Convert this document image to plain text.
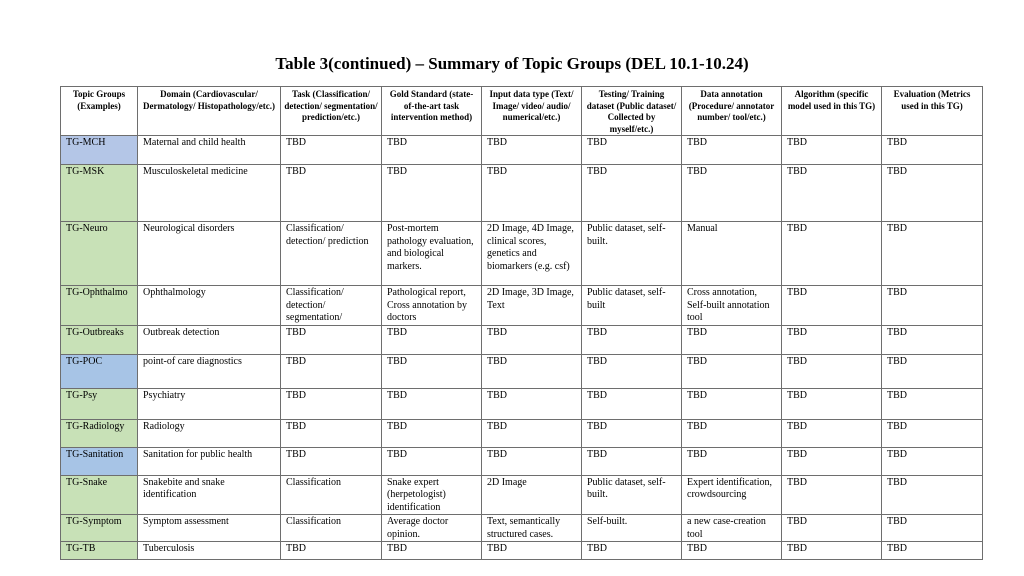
Table 3(continued) – Summary of Topic Groups (DEL 10.1-10.24)
Topic Groups (Examples)	Domain (Cardiovascular/ Dermatology/ Histopathology/etc.)	Task (Classification/ detection/ segmentation/ prediction/etc.)	Gold Standard (state-of-the-art task intervention method)	Input data type (Text/ Image/ video/ audio/ numerical/etc.)	Testing/ Training dataset (Public dataset/ Collected by myself/etc.)	Data annotation (Procedure/ annotator number/ tool/etc.)	Algorithm (specific model used in this TG)	Evaluation (Metrics used in this TG)
TG-MCH	Maternal and child health	TBD	TBD	TBD	TBD	TBD	TBD	TBD
TG-MSK	Musculoskeletal medicine	TBD	TBD	TBD	TBD	TBD	TBD	TBD
TG-Neuro	Neurological disorders	Classification/ detection/ prediction	Post-mortem pathology evaluation, and biological markers.	2D Image, 4D Image, clinical scores, genetics and biomarkers (e.g. csf)	Public dataset, self-built.	Manual	TBD	TBD
TG-Ophthalmo	Ophthalmology	Classification/ detection/ segmentation/	Pathological report, Cross annotation by doctors	2D Image, 3D Image, Text	Public dataset, self-built	Cross annotation, Self-built annotation tool	TBD	TBD
TG-Outbreaks	Outbreak detection	TBD	TBD	TBD	TBD	TBD	TBD	TBD
TG-POC	point-of care diagnostics	TBD	TBD	TBD	TBD	TBD	TBD	TBD
TG-Psy	Psychiatry	TBD	TBD	TBD	TBD	TBD	TBD	TBD
TG-Radiology	Radiology	TBD	TBD	TBD	TBD	TBD	TBD	TBD
TG-Sanitation	Sanitation for public health	TBD	TBD	TBD	TBD	TBD	TBD	TBD
TG-Snake	Snakebite and snake identification	Classification	Snake expert (herpetologist) identification	2D Image	Public dataset, self-built.	Expert identification, crowdsourcing	TBD	TBD
TG-Symptom	Symptom assessment	Classification	Average doctor opinion.	Text, semantically structured cases.	Self-built.	a new case-creation tool	TBD	TBD
TG-TB	Tuberculosis	TBD	TBD	TBD	TBD	TBD	TBD	TBD
